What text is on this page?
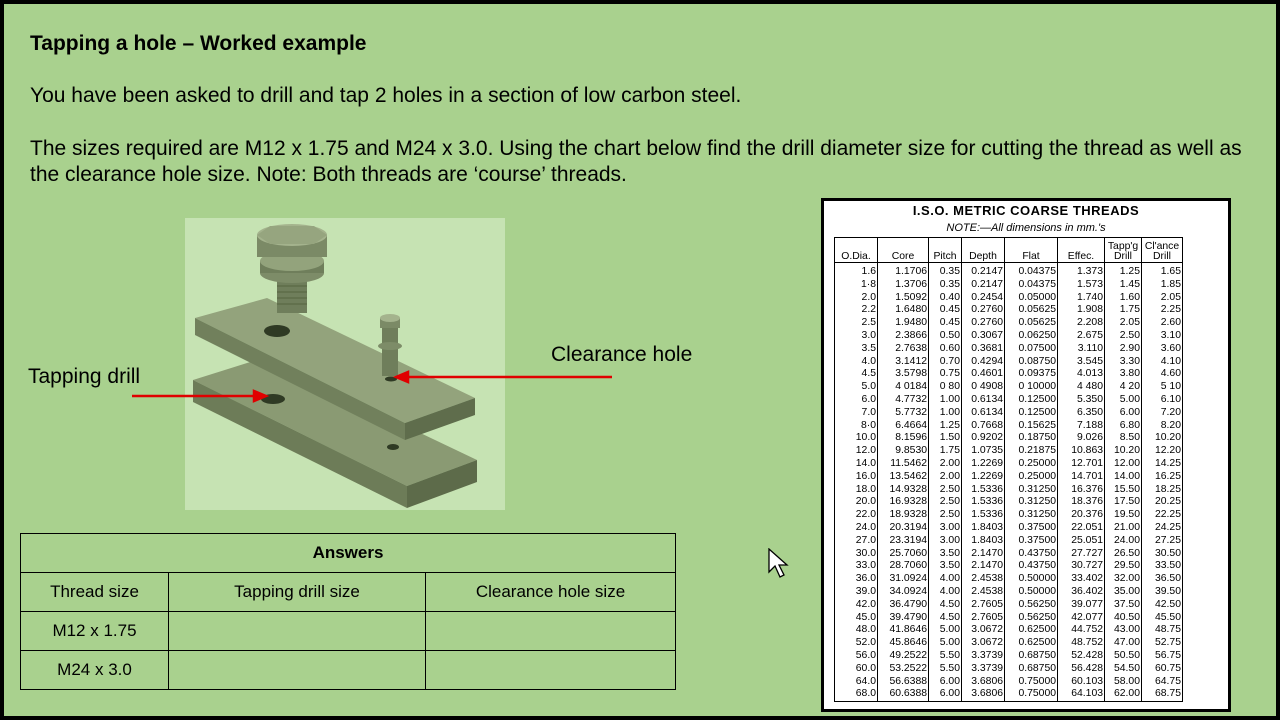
Tapping a hole – Worked example
You have been asked to drill and tap 2 holes in a section of low carbon steel.
The sizes required are M12 x 1.75 and M24 x 3.0. Using the chart below find the drill diameter size for cutting the thread as well as the clearance hole size. Note: Both threads are ‘course’ threads.
Tapping drill
Clearance hole
Answers		
Thread size	Tapping drill size	Clearance hole size
M12 x 1.75		
M24 x 3.0		
I.S.O. METRIC COARSE THREADS
NOTE:—All dimensions in mm.'s
O.Dia.	Core	Pitch	Depth	Flat	Effec.	Tapp'g Drill	Cl'ance Drill
1.6	1.1706	0.35	0.2147	0.04375	1.373	1.25	1.65
1·8	1.3706	0.35	0.2147	0.04375	1.573	1.45	1.85
2.0	1.5092	0.40	0.2454	0.05000	1.740	1.60	2.05
2.2	1.6480	0.45	0.2760	0.05625	1.908	1.75	2.25
2.5	1.9480	0.45	0.2760	0.05625	2.208	2.05	2.60
3.0	2.3866	0.50	0.3067	0.06250	2.675	2.50	3.10
3.5	2.7638	0.60	0.3681	0.07500	3.110	2.90	3.60
4.0	3.1412	0.70	0.4294	0.08750	3.545	3.30	4.10
4.5	3.5798	0.75	0.4601	0.09375	4.013	3.80	4.60
5.0	4 0184	0 80	0 4908	0 10000	4 480	4 20	5 10
6.0	4.7732	1.00	0.6134	0.12500	5.350	5.00	6.10
7.0	5.7732	1.00	0.6134	0.12500	6.350	6.00	7.20
8·0	6.4664	1.25	0.7668	0.15625	7.188	6.80	8.20
10.0	8.1596	1.50	0.9202	0.18750	9.026	8.50	10.20
12.0	9.8530	1.75	1.0735	0.21875	10.863	10.20	12.20
14.0	11.5462	2.00	1.2269	0.25000	12.701	12.00	14.25
16.0	13.5462	2.00	1.2269	0.25000	14.701	14.00	16.25
18.0	14.9328	2.50	1.5336	0.31250	16.376	15.50	18.25
20.0	16.9328	2.50	1.5336	0.31250	18.376	17.50	20.25
22.0	18.9328	2.50	1.5336	0.31250	20.376	19.50	22.25
24.0	20.3194	3.00	1.8403	0.37500	22.051	21.00	24.25
27.0	23.3194	3.00	1.8403	0.37500	25.051	24.00	27.25
30.0	25.7060	3.50	2.1470	0.43750	27.727	26.50	30.50
33.0	28.7060	3.50	2.1470	0.43750	30.727	29.50	33.50
36.0	31.0924	4.00	2.4538	0.50000	33.402	32.00	36.50
39.0	34.0924	4.00	2.4538	0.50000	36.402	35.00	39.50
42.0	36.4790	4.50	2.7605	0.56250	39.077	37.50	42.50
45.0	39.4790	4.50	2.7605	0.56250	42.077	40.50	45.50
48.0	41.8646	5.00	3.0672	0.62500	44.752	43.00	48.75
52.0	45.8646	5.00	3.0672	0.62500	48.752	47.00	52.75
56.0	49.2522	5.50	3.3739	0.68750	52.428	50.50	56.75
60.0	53.2522	5.50	3.3739	0.68750	56.428	54.50	60.75
64.0	56.6388	6.00	3.6806	0.75000	60.103	58.00	64.75
68.0	60.6388	6.00	3.6806	0.75000	64.103	62.00	68.75
